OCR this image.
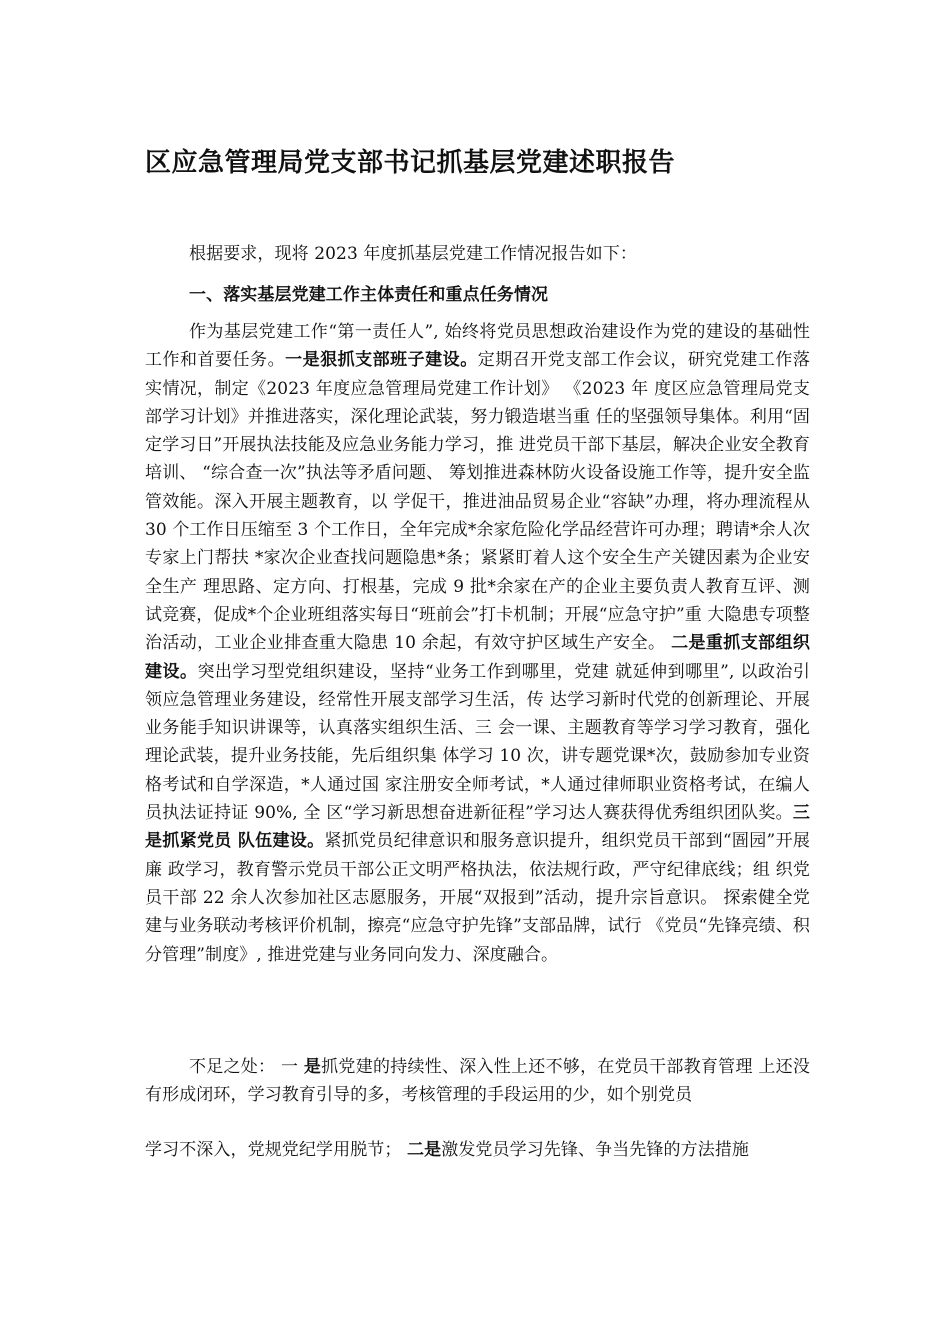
区应急管理局党支部书记抓基层党建述职报告
根据要求，现将 2023 年度抓基层党建工作情况报告如下：
一、落实基层党建工作主体责任和重点任务情况
作为基层党建工作“第一责任人”, 始终将党员思想政治建设作为党的建设的基础性工作和首要任务。一是狠抓支部班子建设。定期召开党支部工作会议，研究党建工作落实情况，制定《2023 年度应急管理局党建工作计划》 《2023 年 度区应急管理局党支部学习计划》并推进落实，深化理论武装，努力锻造堪当重 任的坚强领导集体。利用“固定学习日”开展执法技能及应急业务能力学习，推 进党员干部下基层，解决企业安全教育培训、 “综合查一次”执法等矛盾问题、 筹划推进森林防火设备设施工作等，提升安全监管效能。深入开展主题教育，以 学促干，推进油品贸易企业“容缺”办理，将办理流程从 30 个工作日压缩至 3 个工作日，全年完成*余家危险化学品经营许可办理；聘请*余人次专家上门帮扶 *家次企业查找问题隐患*条；紧紧盯着人这个安全生产关键因素为企业安全生产 理思路、定方向、打根基，完成 9 批*余家在产的企业主要负责人教育互评、测 试竞赛，促成*个企业班组落实每日“班前会”打卡机制；开展“应急守护”重 大隐患专项整治活动，工业企业排查重大隐患 10 余起，有效守护区域生产安全。 二是重抓支部组织建设。突出学习型党组织建设，坚持“业务工作到哪里，党建 就延伸到哪里”, 以政治引领应急管理业务建设，经常性开展支部学习生活，传 达学习新时代党的创新理论、开展业务能手知识讲课等，认真落实组织生活、三 会一课、主题教育等学习学习教育，强化理论武装，提升业务技能，先后组织集 体学习 10 次，讲专题党课*次，鼓励参加专业资格考试和自学深造，*人通过国 家注册安全师考试，*人通过律师职业资格考试，在编人员执法证持证 90%, 全 区“学习新思想奋进新征程”学习达人赛获得优秀组织团队奖。三是抓紧党员 队伍建设。紧抓党员纪律意识和服务意识提升，组织党员干部到“圄园”开展廉 政学习，教育警示党员干部公正文明严格执法，依法规行政，严守纪律底线；组 织党员干部 22 余人次参加社区志愿服务，开展“双报到”活动，提升宗旨意识。 探索健全党建与业务联动考核评价机制，擦亮“应急守护先锋”支部品牌，试行 《党员“先锋亮绩、积分管理”制度》, 推进党建与业务同向发力、深度融合。
不足之处： 一 是抓党建的持续性、深入性上还不够，在党员干部教育管理 上还没有形成闭环，学习教育引导的多，考核管理的手段运用的少，如个别党员
学习不深入，党规党纪学用脱节； 二是激发党员学习先锋、争当先锋的方法措施
